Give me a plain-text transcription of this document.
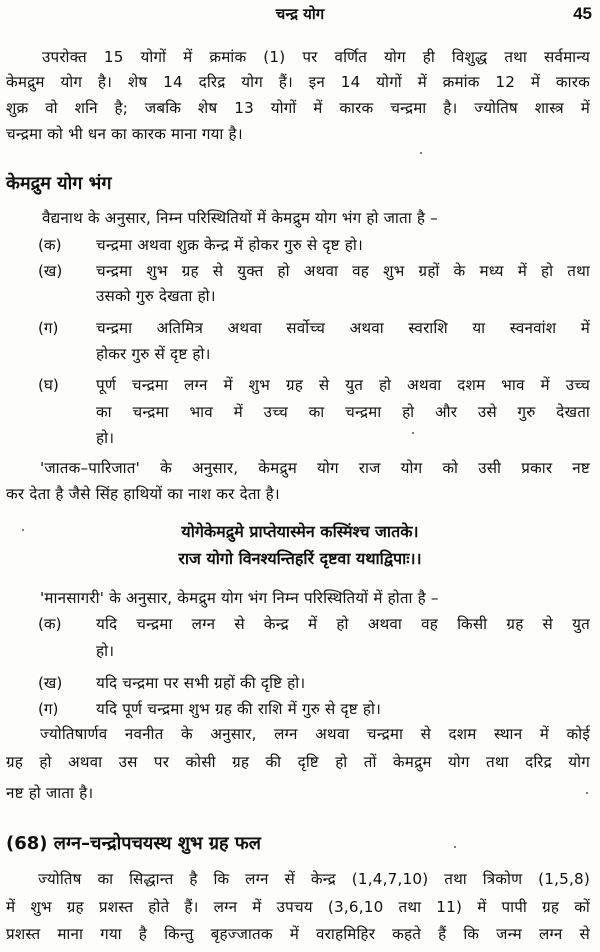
चन्द्र योग	45
उपरोक्त 15 योगों में क्रमांक (1) पर वर्णित योग ही विशुद्ध तथा सर्वमान्य
केमद्रुम योग है। शेष 14 दरिद्र योग हैं। इन 14 योगों में क्रमांक 12 में कारक
शुक्र वो शनि है; जबकि शेष 13 योगों में कारक चन्द्रमा है। ज्योतिष शास्त्र में
चन्द्रमा को भी धन का कारक माना गया है।
केमद्रुम योग भंग
वैद्यनाथ के अनुसार, निम्न परिस्थितियों में केमद्रुम योग भंग हो जाता है –
(क) चन्द्रमा अथवा शुक्र केन्द्र में होकर गुरु से दृष्ट हो।
(ख) चन्द्रमा शुभ ग्रह से युक्त हो अथवा वह शुभ ग्रहों के मध्य में हो तथा
उसको गुरु देखता हो।
(ग) चन्द्रमा अतिमित्र अथवा सर्वोच्च अथवा स्वराशि या स्वनवांश में
होकर गुरु सें दृष्ट हो।
(घ) पूर्ण चन्द्रमा लग्न में शुभ ग्रह से युत हो अथवा दशम भाव में उच्च
का चन्द्रमा भाव में उच्च का चन्द्रमा हो और उसे गुरु देखता
हो।
'जातक–पारिजात' के अनुसार, केमद्रुम योग राज योग को उसी प्रकार नष्ट
कर देता है जैसे सिंह हाथियों का नाश कर देता है।
योगेकेमद्रुमे प्राप्तेयास्मेन कस्मिंश्च जातके।
राज योगो विनश्यन्तिहरिं दृष्टवा यथाद्विपाः।।
'मानसागरी' के अनुसार, केमद्रुम योग भंग निम्न परिस्थितियों में होता है –
(क) यदि चन्द्रमा लग्न से केन्द्र में हो अथवा वह किसी ग्रह से युत
हो।
(ख) यदि चन्द्रमा पर सभी ग्रहों की दृष्टि हो।
(ग) यदि पूर्ण चन्द्रमा शुभ ग्रह की राशि में गुरु से दृष्ट हो।
ज्योतिषार्णव नवनीत के अनुसार, लग्न अथवा चन्द्रमा से दशम स्थान में कोई
ग्रह हो अथवा उस पर कोसी ग्रह की दृष्टि हो तों केमद्रुम योग तथा दरिद्र योग
नष्ट हो जाता है।
(68) लग्न–चन्द्रोपचयस्थ शुभ ग्रह फल
ज्योतिष का सिद्धान्त है कि लग्न सें केन्द्र (1,4,7,10) तथा त्रिकोण (1,5,8)
में शुभ ग्रह प्रशस्त होते हैं। लग्न में उपचय (3,6,10 तथा 11) में पापी ग्रह कों
प्रशस्त माना गया है किन्तु बृहज्जातक में वराहमिहिर कहते हैं कि जन्म लग्न से
